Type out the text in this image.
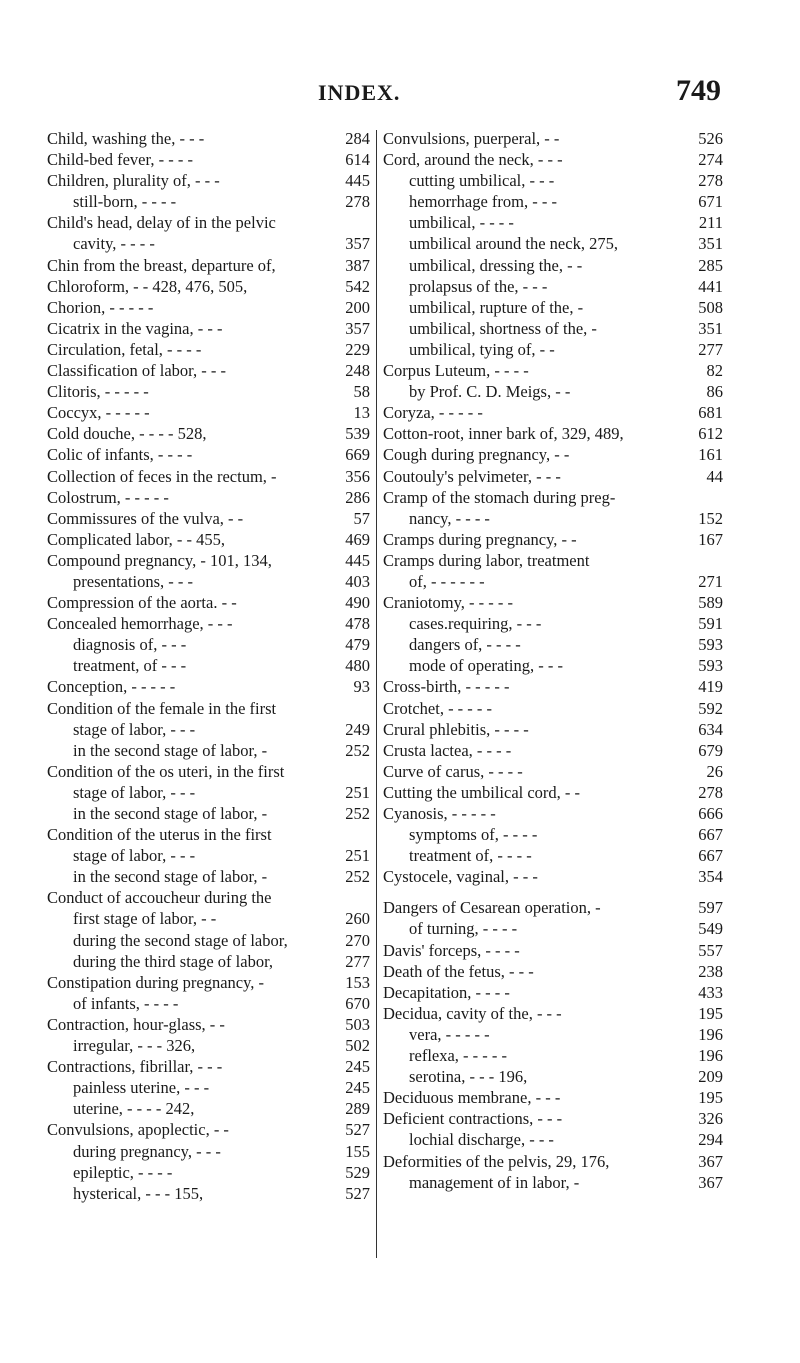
INDEX.	749
Child, washing the, - - -	284
Child-bed fever, - - - -	614
Children, plurality of, - - -	445
still-born, - - - -	278
Child's head, delay of in the pelvic
cavity, - - - -	357
Chin from the breast, departure of,	387
Chloroform, - - 428, 476, 505,	542
Chorion, - - - - -	200
Cicatrix in the vagina, - - -	357
Circulation, fetal, - - - -	229
Classification of labor, - - -	248
Clitoris, - - - - -	58
Coccyx, - - - - -	13
Cold douche, - - - - 528,	539
Colic of infants, - - - -	669
Collection of feces in the rectum, -	356
Colostrum, - - - - -	286
Commissures of the vulva, - -	57
Complicated labor, - - 455,	469
Compound pregnancy, - 101, 134,	445
presentations, - - -	403
Compression of the aorta. - -	490
Concealed hemorrhage, - - -	478
diagnosis of, - - -	479
treatment, of - - -	480
Conception, - - - - -	93
Condition of the female in the first
stage of labor, - - -	249
in the second stage of labor, -	252
Condition of the os uteri, in the first
stage of labor, - - -	251
in the second stage of labor, -	252
Condition of the uterus in the first
stage of labor, - - -	251
in the second stage of labor, -	252
Conduct of accoucheur during the
first stage of labor, - -	260
during the second stage of labor,	270
during the third stage of labor,	277
Constipation during pregnancy, -	153
of infants, - - - -	670
Contraction, hour-glass, - -	503
irregular, - - - 326,	502
Contractions, fibrillar, - - -	245
painless uterine, - - -	245
uterine, - - - - 242,	289
Convulsions, apoplectic, - -	527
during pregnancy, - - -	155
epileptic, - - - -	529
hysterical, - - - 155,	527
Convulsions, puerperal, - -	526
Cord, around the neck, - - -	274
cutting umbilical, - - -	278
hemorrhage from, - - -	671
umbilical, - - - -	211
umbilical around the neck, 275,	351
umbilical, dressing the, - -	285
prolapsus of the, - - -	441
umbilical, rupture of the, -	508
umbilical, shortness of the, -	351
umbilical, tying of, - -	277
Corpus Luteum, - - - -	82
by Prof. C. D. Meigs, - -	86
Coryza, - - - - -	681
Cotton-root, inner bark of, 329, 489,	612
Cough during pregnancy, - -	161
Coutouly's pelvimeter, - - -	44
Cramp of the stomach during preg-
nancy, - - - -	152
Cramps during pregnancy, - -	167
Cramps during labor, treatment
of, - - - - - -	271
Craniotomy, - - - - -	589
cases.requiring, - - -	591
dangers of, - - - -	593
mode of operating, - - -	593
Cross-birth, - - - - -	419
Crotchet, - - - - -	592
Crural phlebitis, - - - -	634
Crusta lactea, - - - -	679
Curve of carus, - - - -	26
Cutting the umbilical cord, - -	278
Cyanosis, - - - - -	666
symptoms of, - - - -	667
treatment of, - - - -	667
Cystocele, vaginal, - - -	354
Dangers of Cesarean operation, -	597
of turning, - - - -	549
Davis' forceps, - - - -	557
Death of the fetus, - - -	238
Decapitation, - - - -	433
Decidua, cavity of the, - - -	195
vera, - - - - -	196
reflexa, - - - - -	196
serotina, - - - 196,	209
Deciduous membrane, - - -	195
Deficient contractions, - - -	326
lochial discharge, - - -	294
Deformities of the pelvis, 29, 176,	367
management of in labor, -	367
